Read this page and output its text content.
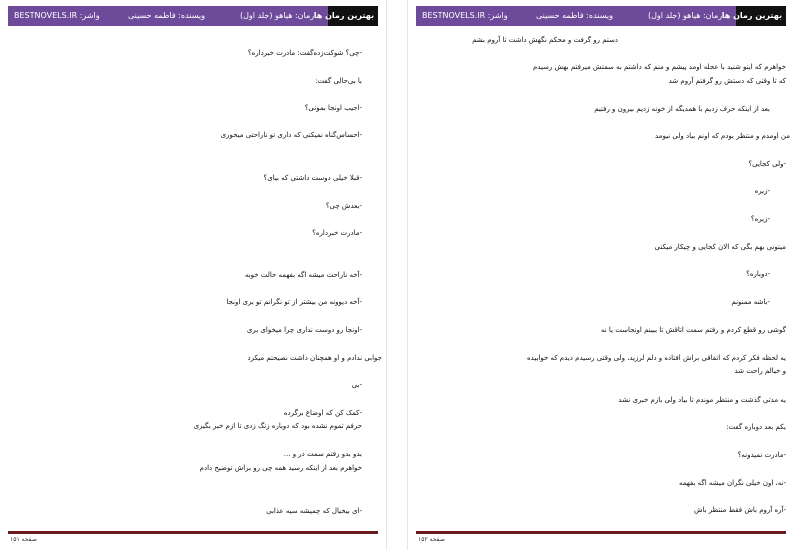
BESTNOVELS.IR :واشر	ویسنده: فاطمه حسینی	رمان: هیاهو (جلد اول) بهترین رمان ها
-چی؟ شوکت‌زده‌گفت: مادرت خبرداره؟
با بی‌حالی گفت:
-اجیب اونجا بمونی؟
-احساس‌گناه نمیکنی که داری تو ناراحتی میخوری
-قبلا خیلی دوست داشتی که بیای؟
-بعدش چی؟
-مادرت خبرداره؟
-آخه ناراحت میشه اگه بفهمه حالت خوبه
-آخه دیوونه من بیشتر از تو نگرانم تو بری اونجا
-اونجا رو دوست نداری چرا میخوای بری
جوابی ندادم و او همچنان داشت نصیحتم میکرد
-بی
-کمک کن که اوضاع برگرده
حرفم تموم نشده بود که دوباره زنگ زدی تا ازم خبر بگیری
بدو بدو رفتم سمت در و ...
خواهرم بعد از اینکه رسید همه چی رو براش توضیح دادم
-ای بیخیال که چمیشه سیه عذابی
صفحه ۱۵۱
BESTNOVELS.IR :واشر	ویسنده: فاطمه حسینی	رمان: هیاهو (جلد اول) بهترین رمان ها
دستم رو گرفت و محکم نگهش داشت تا آروم بشم
خواهرم که اینو شنید با عجله اومد پیشم و منم که داشتم به سمتش میرفتم بهش رسیدم
که تا وقتی که دستش رو گرفتم آروم شد
بعد از اینکه حرف زدیم با همدیگه از خونه زدیم بیرون و رفتیم
من اومدم و منتظر بودم که اونم بیاد ولی نیومد
-ولی کجایی؟
-زیره
-زیره؟
میتونی بهم بگی که الان کجایی و چیکار میکنی
-دوباره؟
-باشه ممنونم
گوشی رو قطع کردم و رفتم سمت اتاقش تا ببینم اونجاست یا نه
یه لحظه فکر کردم که اتفاقی براش افتاده و دلم لرزید، ولی وقتی رسیدم دیدم که خوابیده
و خیالم راحت شد
یه مدتی گذشت و منتظر موندم تا بیاد ولی بازم خبری نشد
یکم بعد دوباره گفت:
-مادرت نمیدونه؟
-نه، اون خیلی نگران میشه اگه بفهمه
-آره آروم باش فقط منتظر باش
صفحه ۱۵۲
